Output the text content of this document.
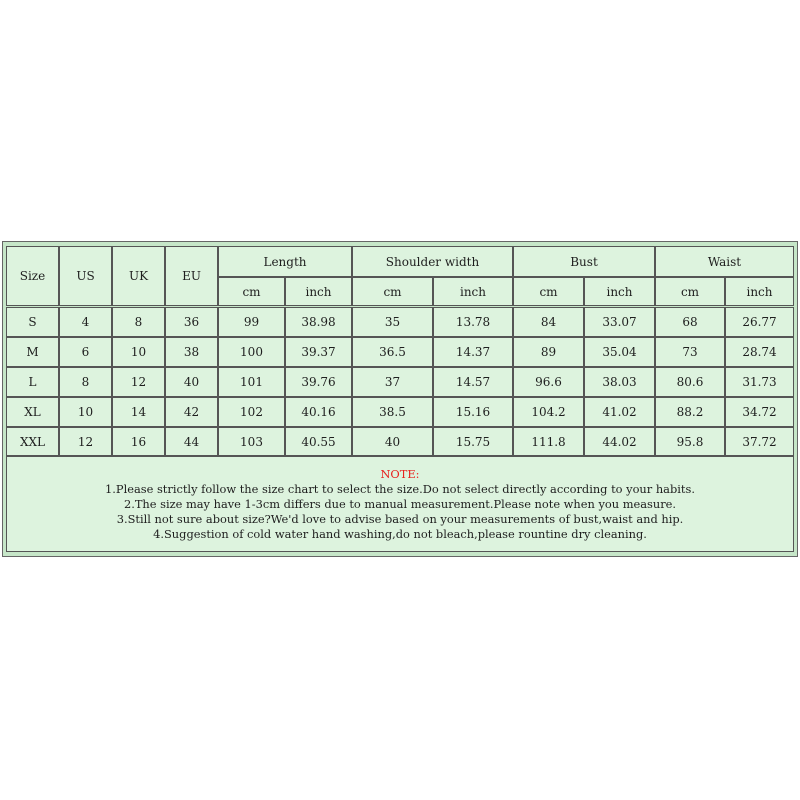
Size	US	UK	EU
Length	Shoulder width	Bust	Waist
cm	inch	cm	inch	cm	inch	cm	inch
S	4	8	36	99	38.98	35	13.78	84	33.07	68	26.77
M	6	10	38	100	39.37	36.5	14.37	89	35.04	73	28.74
L	8	12	40	101	39.76	37	14.57	96.6	38.03	80.6	31.73
XL	10	14	42	102	40.16	38.5	15.16	104.2	41.02	88.2	34.72
XXL	12	16	44	103	40.55	40	15.75	111.8	44.02	95.8	37.72
NOTE:
1.Please strictly follow the size chart to select the size.Do not select directly according to your habits.
2.The size may have 1-3cm differs due to manual measurement.Please note when you measure.
3.Still not sure about size?We'd love to advise based on your measurements of bust,waist and hip.
4.Suggestion of cold water hand washing,do not bleach,please rountine dry cleaning.
